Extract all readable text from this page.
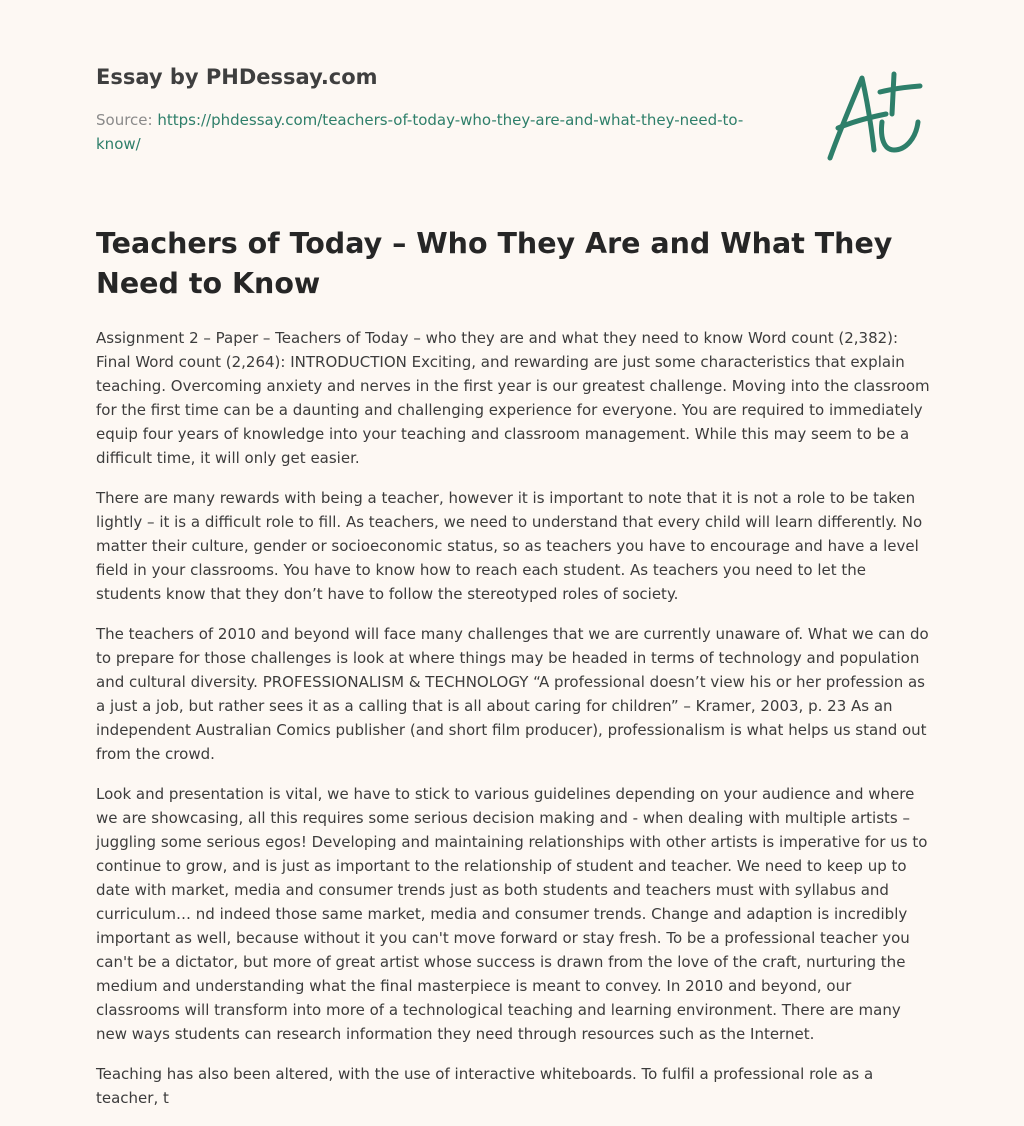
Essay by PHDessay.com
Source: https://phdessay.com/teachers-of-today-who-they-are-and-what-they-need-to-
know/
Teachers of Today – Who They Are and What They Need to Know

Assignment 2 – Paper – Teachers of Today – who they are and what they need to know Word count (2,382): Final Word count (2,264): INTRODUCTION Exciting, and rewarding are just some characteristics that explain teaching. Overcoming anxiety and nerves in the first year is our greatest challenge. Moving into the classroom for the first time can be a daunting and challenging experience for everyone. You are required to immediately equip four years of knowledge into your teaching and classroom management. While this may seem to be a difficult time, it will only get easier.

There are many rewards with being a teacher, however it is important to note that it is not a role to be taken lightly – it is a difficult role to fill. As teachers, we need to understand that every child will learn differently. No matter their culture, gender or socioeconomic status, so as teachers you have to encourage and have a level field in your classrooms. You have to know how to reach each student. As teachers you need to let the students know that they don’t have to follow the stereotyped roles of society.

The teachers of 2010 and beyond will face many challenges that we are currently unaware of. What we can do to prepare for those challenges is look at where things may be headed in terms of technology and population and cultural diversity. PROFESSIONALISM & TECHNOLOGY “A professional doesn’t view his or her profession as a just a job, but rather sees it as a calling that is all about caring for children” – Kramer, 2003, p. 23 As an independent Australian Comics publisher (and short film producer), professionalism is what helps us stand out from the crowd.

Look and presentation is vital, we have to stick to various guidelines depending on your audience and where we are showcasing, all this requires some serious decision making and - when dealing with multiple artists – juggling some serious egos! Developing and maintaining relationships with other artists is imperative for us to continue to grow, and is just as important to the relationship of student and teacher. We need to keep up to date with market, media and consumer trends just as both students and teachers must with syllabus and curriculum… nd indeed those same market, media and consumer trends. Change and adaption is incredibly important as well, because without it you can't move forward or stay fresh. To be a professional teacher you can't be a dictator, but more of great artist whose success is drawn from the love of the craft, nurturing the medium and understanding what the final masterpiece is meant to convey. In 2010 and beyond, our classrooms will transform into more of a technological teaching and learning environment. There are many new ways students can research information they need through resources such as the Internet.

Teaching has also been altered, with the use of interactive whiteboards. To fulfil a professional role as a teacher, t
